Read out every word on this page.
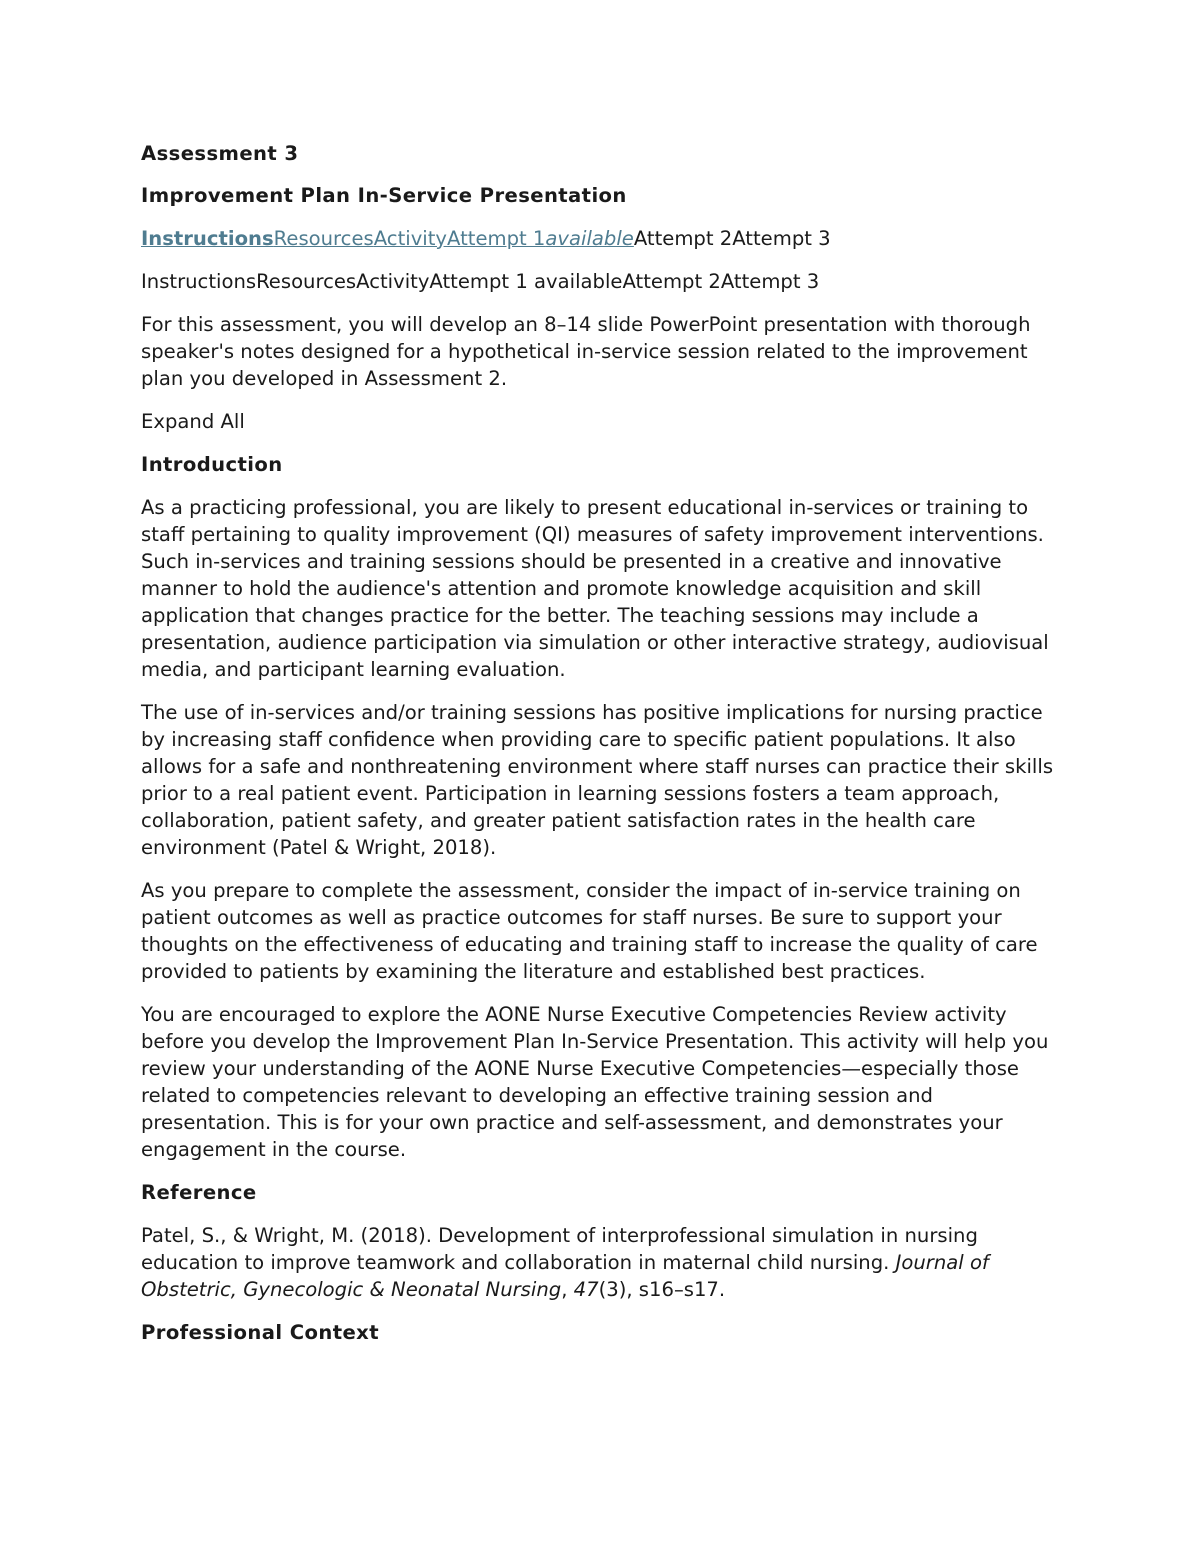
Assessment 3

Improvement Plan In-Service Presentation

InstructionsResourcesActivityAttempt 1availableAttempt 2Attempt 3

InstructionsResourcesActivityAttempt 1 availableAttempt 2Attempt 3

For this assessment, you will develop an 8–14 slide PowerPoint presentation with thorough speaker's notes designed for a hypothetical in-service session related to the improvement plan you developed in Assessment 2.

Expand All

Introduction

As a practicing professional, you are likely to present educational in-services or training to staff pertaining to quality improvement (QI) measures of safety improvement interventions. Such in-services and training sessions should be presented in a creative and innovative manner to hold the audience's attention and promote knowledge acquisition and skill application that changes practice for the better. The teaching sessions may include a presentation, audience participation via simulation or other interactive strategy, audiovisual media, and participant learning evaluation.

The use of in-services and/or training sessions has positive implications for nursing practice by increasing staff confidence when providing care to specific patient populations. It also allows for a safe and nonthreatening environment where staff nurses can practice their skills prior to a real patient event. Participation in learning sessions fosters a team approach, collaboration, patient safety, and greater patient satisfaction rates in the health care environment (Patel & Wright, 2018).

As you prepare to complete the assessment, consider the impact of in-service training on patient outcomes as well as practice outcomes for staff nurses. Be sure to support your thoughts on the effectiveness of educating and training staff to increase the quality of care provided to patients by examining the literature and established best practices.

You are encouraged to explore the AONE Nurse Executive Competencies Review activity before you develop the Improvement Plan In-Service Presentation. This activity will help you review your understanding of the AONE Nurse Executive Competencies—especially those related to competencies relevant to developing an effective training session and presentation. This is for your own practice and self-assessment, and demonstrates your engagement in the course.

Reference

Patel, S., & Wright, M. (2018). Development of interprofessional simulation in nursing education to improve teamwork and collaboration in maternal child nursing. Journal of Obstetric, Gynecologic & Neonatal Nursing, 47(3), s16–s17.

Professional Context
